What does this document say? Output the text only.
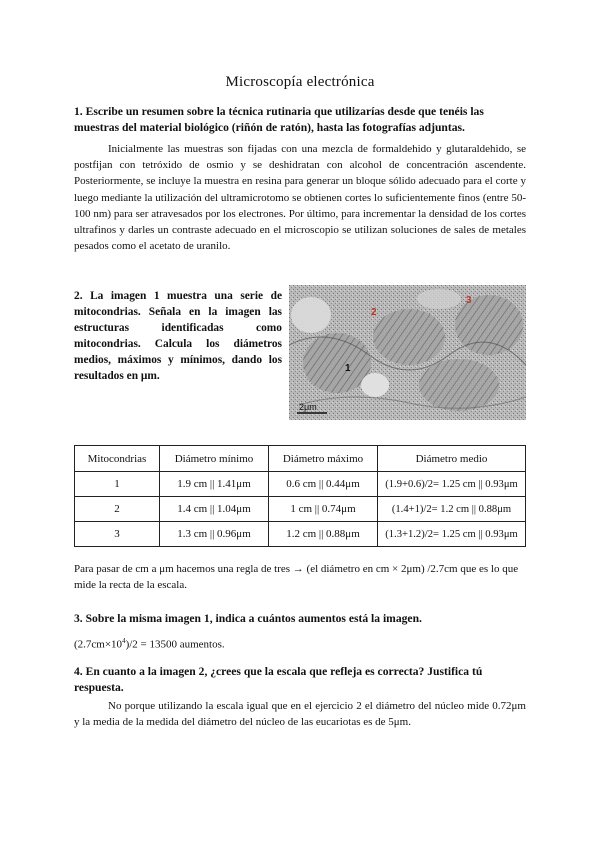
Microscopía electrónica
1. Escribe un resumen sobre la técnica rutinaria que utilizarías desde que tenéis las muestras del material biológico (riñón de ratón), hasta las fotografías adjuntas.
Inicialmente las muestras son fijadas con una mezcla de formaldehido y glutaraldehido, se postfijan con tetróxido de osmio y se deshidratan con alcohol de concentración ascendente. Posteriormente, se incluye la muestra en resina para generar un bloque sólido adecuado para el corte y luego mediante la utilización del ultramicrotomo se obtienen cortes lo suficientemente finos (entre 50-100 nm) para ser atravesados por los electrones. Por último, para incrementar la densidad de los cortes ultrafinos y darles un contraste adecuado en el microscopio se utilizan soluciones de sales de metales pesados como el acetato de uranilo.
2. La imagen 1 muestra una serie de mitocondrias. Señala en la imagen las estructuras identificadas como mitocondrias. Calcula los diámetros medios, máximos y mínimos, dando los resultados en μm.
1
2
3
2μm
Mitocondrias	Diámetro mínimo	Diámetro máximo	Diámetro medio
1	1.9 cm || 1.41μm	0.6 cm || 0.44μm	(1.9+0.6)/2= 1.25 cm || 0.93μm
2	1.4 cm || 1.04μm	1 cm || 0.74μm	(1.4+1)/2= 1.2 cm || 0.88μm
3	1.3 cm || 0.96μm	1.2 cm || 0.88μm	(1.3+1.2)/2= 1.25 cm || 0.93μm
Para pasar de cm a μm hacemos una regla de tres → (el diámetro en cm × 2μm) /2.7cm que es lo que mide la recta de la escala.
3. Sobre la misma imagen 1, indica a cuántos aumentos está la imagen.
$(2.7cm\times 10^4)/2 = 13500$ aumentos.
4. En cuanto a la imagen 2, ¿crees que la escala que refleja es correcta? Justifica tú respuesta.
No porque utilizando la escala igual que en el ejercicio 2 el diámetro del núcleo mide 0.72μm y la media de la medida del diámetro del núcleo de las eucariotas es de 5μm.
